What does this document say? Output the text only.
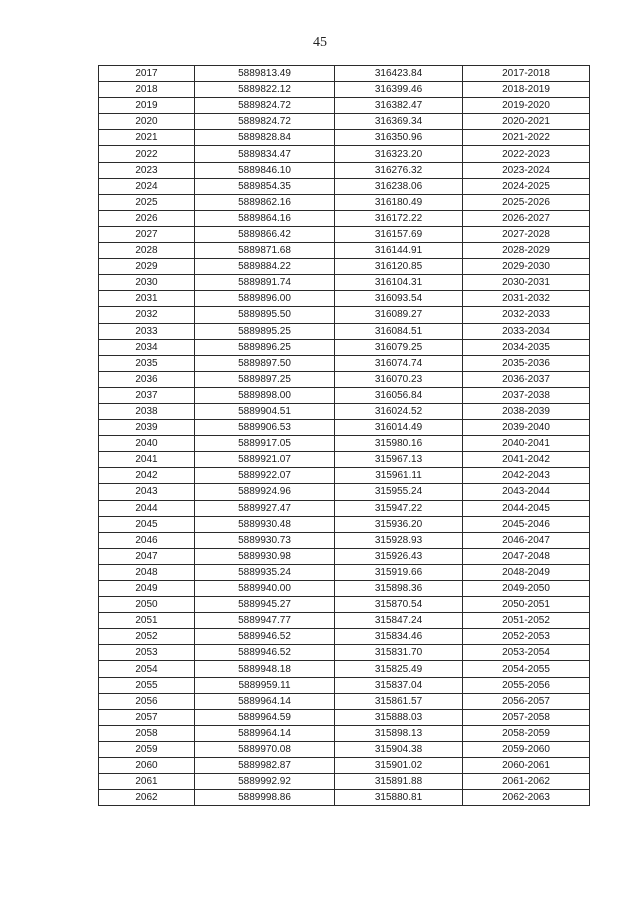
45
2017	5889813.49	316423.84	2017-2018
2018	5889822.12	316399.46	2018-2019
2019	5889824.72	316382.47	2019-2020
2020	5889824.72	316369.34	2020-2021
2021	5889828.84	316350.96	2021-2022
2022	5889834.47	316323.20	2022-2023
2023	5889846.10	316276.32	2023-2024
2024	5889854.35	316238.06	2024-2025
2025	5889862.16	316180.49	2025-2026
2026	5889864.16	316172.22	2026-2027
2027	5889866.42	316157.69	2027-2028
2028	5889871.68	316144.91	2028-2029
2029	5889884.22	316120.85	2029-2030
2030	5889891.74	316104.31	2030-2031
2031	5889896.00	316093.54	2031-2032
2032	5889895.50	316089.27	2032-2033
2033	5889895.25	316084.51	2033-2034
2034	5889896.25	316079.25	2034-2035
2035	5889897.50	316074.74	2035-2036
2036	5889897.25	316070.23	2036-2037
2037	5889898.00	316056.84	2037-2038
2038	5889904.51	316024.52	2038-2039
2039	5889906.53	316014.49	2039-2040
2040	5889917.05	315980.16	2040-2041
2041	5889921.07	315967.13	2041-2042
2042	5889922.07	315961.11	2042-2043
2043	5889924.96	315955.24	2043-2044
2044	5889927.47	315947.22	2044-2045
2045	5889930.48	315936.20	2045-2046
2046	5889930.73	315928.93	2046-2047
2047	5889930.98	315926.43	2047-2048
2048	5889935.24	315919.66	2048-2049
2049	5889940.00	315898.36	2049-2050
2050	5889945.27	315870.54	2050-2051
2051	5889947.77	315847.24	2051-2052
2052	5889946.52	315834.46	2052-2053
2053	5889946.52	315831.70	2053-2054
2054	5889948.18	315825.49	2054-2055
2055	5889959.11	315837.04	2055-2056
2056	5889964.14	315861.57	2056-2057
2057	5889964.59	315888.03	2057-2058
2058	5889964.14	315898.13	2058-2059
2059	5889970.08	315904.38	2059-2060
2060	5889982.87	315901.02	2060-2061
2061	5889992.92	315891.88	2061-2062
2062	5889998.86	315880.81	2062-2063
